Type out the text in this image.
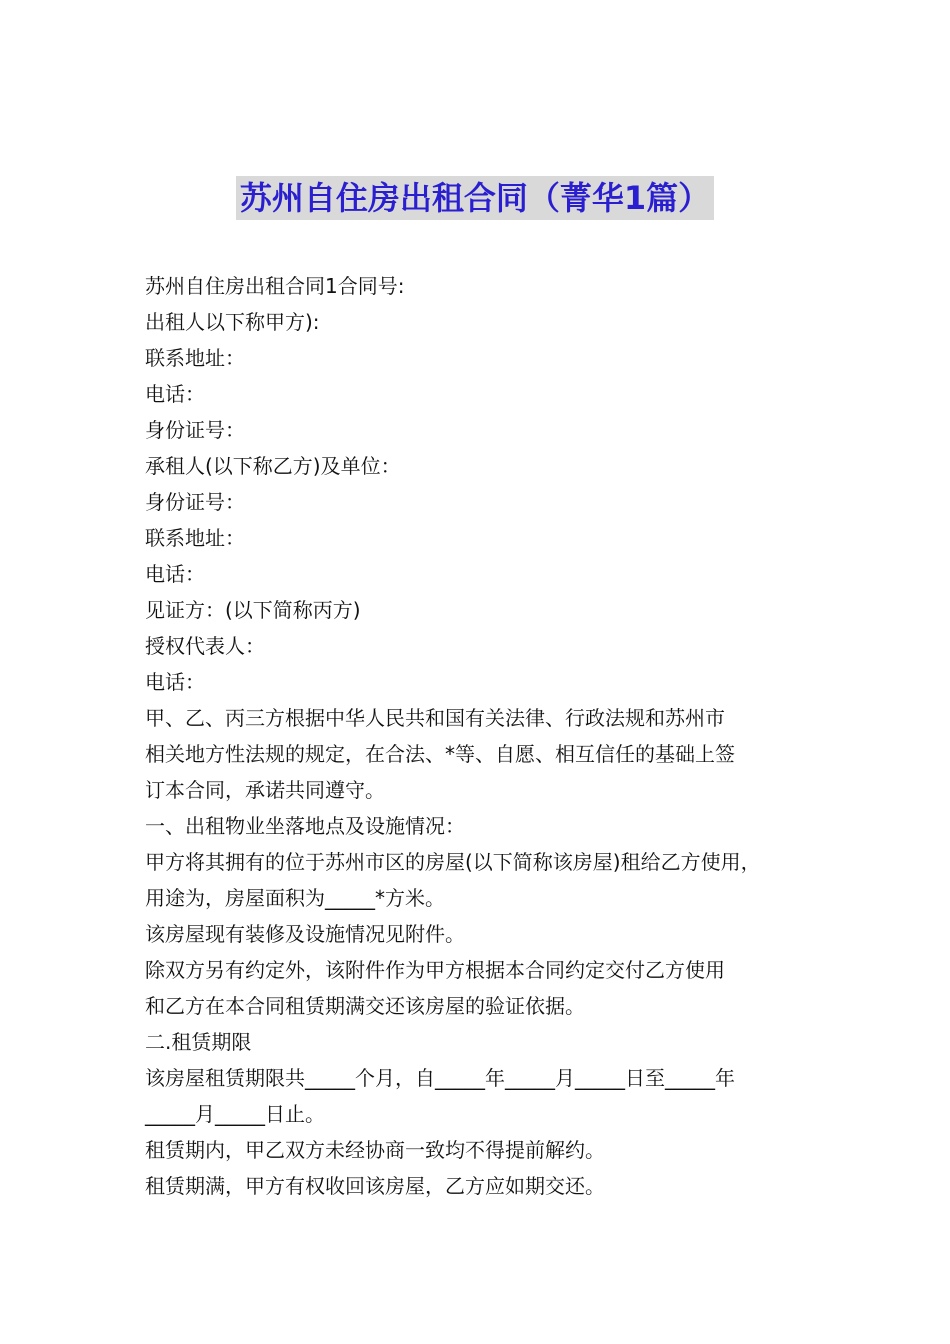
苏州自住房出租合同（菁华1篇）

苏州自住房出租合同1合同号:

出租人以下称甲方):

联系地址：

电话：

身份证号：

承租人(以下称乙方)及单位：

身份证号：

联系地址：

电话：

见证方：(以下简称丙方)

授权代表人：

电话：

甲、乙、丙三方根据中华人民共和国有关法律、行政法规和苏州市

相关地方性法规的规定，在合法、*等、自愿、相互信任的基础上签

订本合同，承诺共同遵守。

一、出租物业坐落地点及设施情况：

甲方将其拥有的位于苏州市区的房屋(以下简称该房屋)租给乙方使用，

用途为，房屋面积为_____*方米。

该房屋现有装修及设施情况见附件。

除双方另有约定外，该附件作为甲方根据本合同约定交付乙方使用

和乙方在本合同租赁期满交还该房屋的验证依据。

二.租赁期限

该房屋租赁期限共_____个月，自_____年_____月_____日至_____年

_____月_____日止。

租赁期内，甲乙双方未经协商一致均不得提前解约。

租赁期满，甲方有权收回该房屋，乙方应如期交还。
